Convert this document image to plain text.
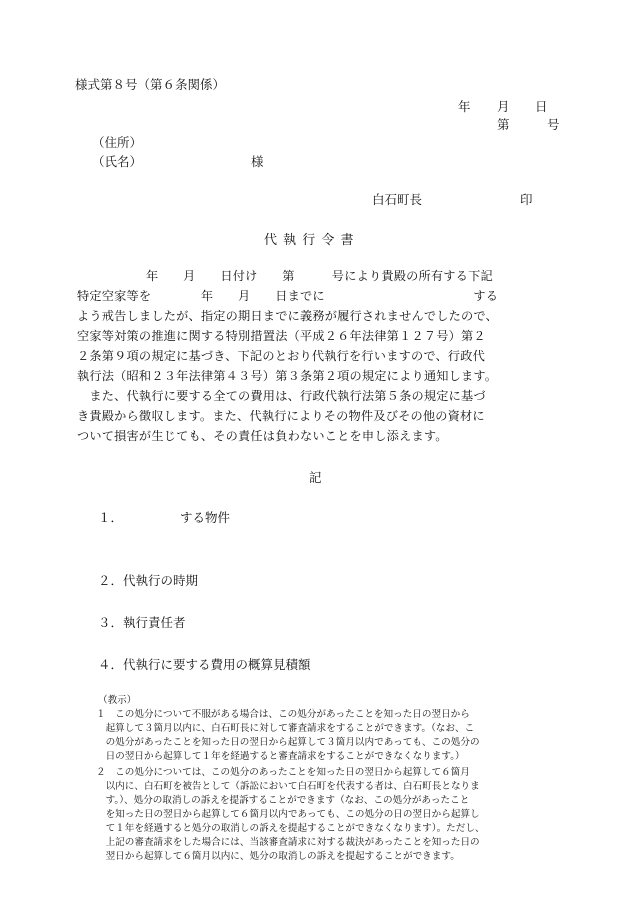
様式第８号（第６条関係）
年 月 日
第　　　号
（住所）
（氏名）	様
白石町長	印
代 執 行 令 書
年　　月　　日付け　　第　　　号により貴殿の所有する下記
特定空家等を　　　　年　　月　　日までに　　　　　　　　　　　　する
よう戒告しましたが、指定の期日までに義務が履行されませんでしたので、
空家等対策の推進に関する特別措置法（平成２６年法律第１２７号）第２
２条第９項の規定に基づき、下記のとおり代執行を行いますので、行政代
執行法（昭和２３年法律第４３号）第３条第２項の規定により通知します。
　また、代執行に要する全ての費用は、行政代執行法第５条の規定に基づ
き貴殿から徴収します。また、代執行によりその物件及びその他の資材に
ついて損害が生じても、その責任は負わないことを申し添えます。
記
１．	する物件
２．代執行の時期
３．執行責任者
４．代執行に要する費用の概算見積額
（教示）
１　この処分について不服がある場合は、この処分があったことを知った日の翌日から
　起算して３箇月以内に、白石町長に対して審査請求をすることができます。（なお、こ
　の処分があったことを知った日の翌日から起算して３箇月以内であっても、この処分の
　日の翌日から起算して１年を経過すると審査請求をすることができなくなります。）
２　この処分については、この処分のあったことを知った日の翌日から起算して６箇月
　以内に、白石町を被告として（訴訟において白石町を代表する者は、白石町長となりま
　す。）、処分の取消しの訴えを提訴することができます（なお、この処分があったこと
　を知った日の翌日から起算して６箇月以内であっても、この処分の日の翌日から起算し
　て１年を経過すると処分の取消しの訴えを提起することができなくなります）。ただし、
　上記の審査請求をした場合には、当該審査請求に対する裁決があったことを知った日の
　翌日から起算して６箇月以内に、処分の取消しの訴えを提起することができます。
